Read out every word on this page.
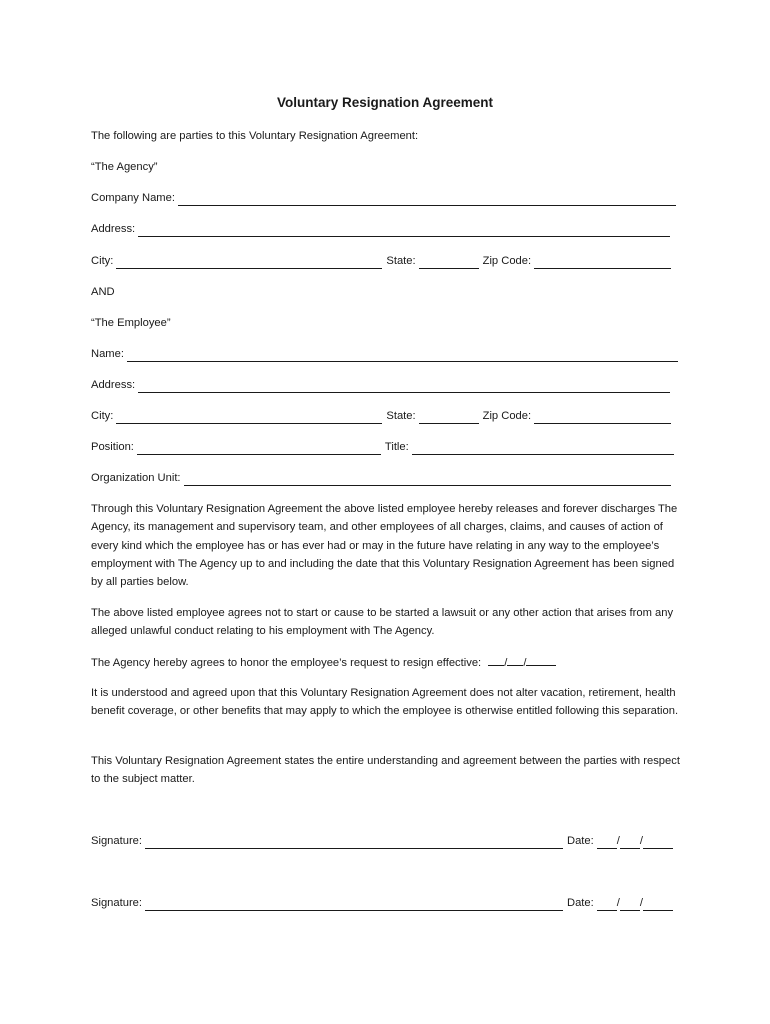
Voluntary Resignation Agreement
The following are parties to this Voluntary Resignation Agreement:
“The Agency”
Company Name:
Address:
City:	State:	Zip Code:
AND
“The Employee”
Name:
Address:
City:	State:	Zip Code:
Position:	Title:
Organization Unit:
Through this Voluntary Resignation Agreement the above listed employee hereby releases and forever discharges The Agency, its management and supervisory team, and other employees of all charges, claims, and causes of action of every kind which the employee has or has ever had or may in the future have relating in any way to the employee’s employment with The Agency up to and including the date that this Voluntary Resignation Agreement has been signed by all parties below.
The above listed employee agrees not to start or cause to be started a lawsuit or any other action that arises from any alleged unlawful conduct relating to his employment with The Agency.
The Agency hereby agrees to honor the employee’s request to resign effective: / /
It is understood and agreed upon that this Voluntary Resignation Agreement does not alter vacation, retirement, health benefit coverage, or other benefits that may apply to which the employee is otherwise entitled following this separation.
This Voluntary Resignation Agreement states the entire understanding and agreement between the parties with respect to the subject matter.
Signature:	Date: / /
Signature:	Date: / /
